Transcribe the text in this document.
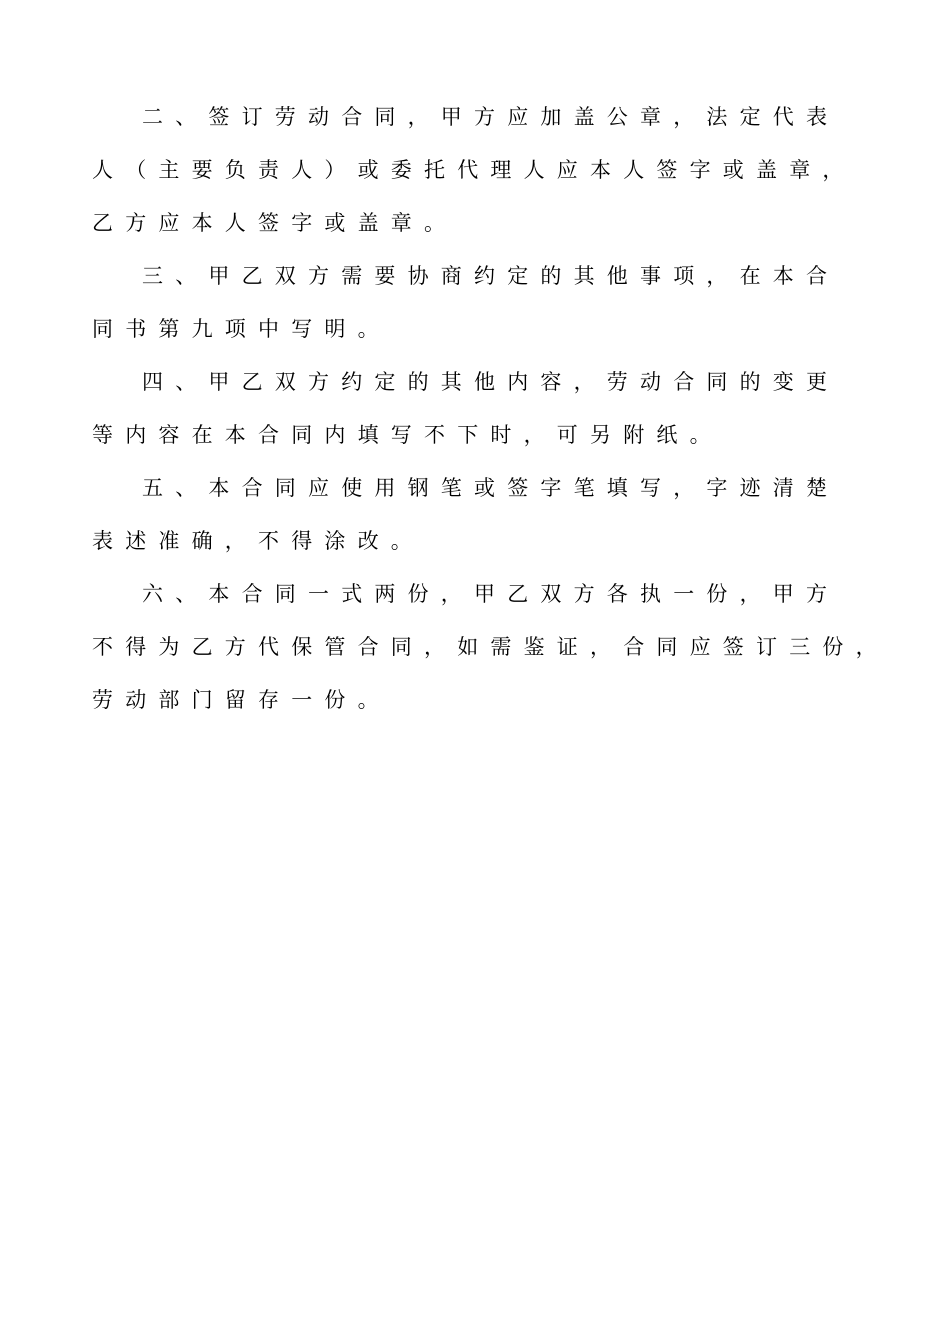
二、签订劳动合同，甲方应加盖公章，法定代表

人（主要负责人）或委托代理人应本人签字或盖章，

乙方应本人签字或盖章。

三、甲乙双方需要协商约定的其他事项，在本合

同书第九项中写明。

四、甲乙双方约定的其他内容，劳动合同的变更

等内容在本合同内填写不下时，可另附纸。

五、本合同应使用钢笔或签字笔填写，字迹清楚

表述准确，不得涂改。

六、本合同一式两份，甲乙双方各执一份，甲方

不得为乙方代保管合同，如需鉴证，合同应签订三份，

劳动部门留存一份。
